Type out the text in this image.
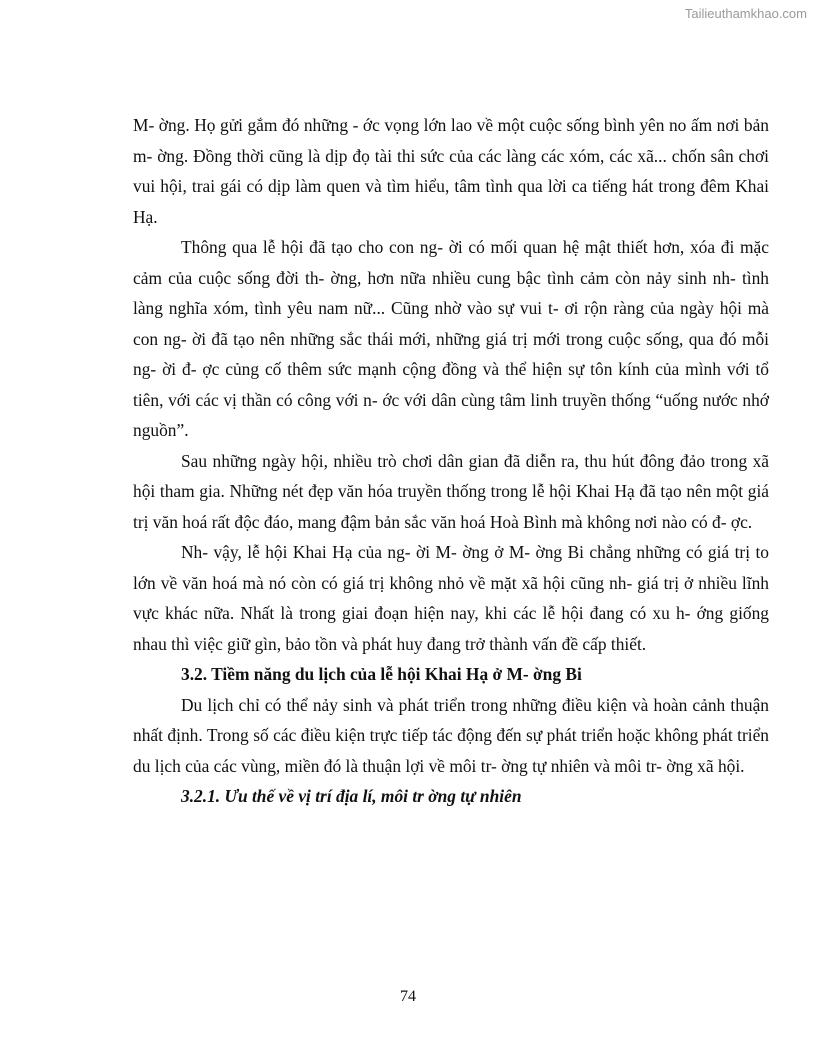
Tailieuthamkhao.com

M- ờng. Họ gửi gắm đó những - ớc vọng lớn lao về một cuộc sống bình yên no ấm nơi bản m- ờng. Đồng thời cũng là dịp đọ tài thi sức của các làng các xóm, các xã... chốn sân chơi vui hội, trai gái có dịp làm quen và tìm hiểu, tâm tình qua lời ca tiếng hát trong đêm Khai Hạ.

Thông qua lễ hội đã tạo cho con ng- ời có mối quan hệ mật thiết hơn, xóa đi mặc cảm của cuộc sống đời th- ờng, hơn nữa nhiều cung bậc tình cảm còn nảy sinh nh- tình làng nghĩa xóm, tình yêu nam nữ... Cũng nhờ vào sự vui t- ơi rộn ràng của ngày hội mà con ng- ời đã tạo nên những sắc thái mới, những giá trị mới trong cuộc sống, qua đó mỗi ng- ời đ- ợc củng cố thêm sức mạnh cộng đồng và thể hiện sự tôn kính của mình với tổ tiên, với các vị thần có công với n- ớc với dân cùng tâm linh truyền thống “uống nước nhớ nguồn”.

Sau những ngày hội, nhiều trò chơi dân gian đã diễn ra, thu hút đông đảo trong xã hội tham gia. Những nét đẹp văn hóa truyền thống trong lễ hội Khai Hạ đã tạo nên một giá trị văn hoá rất độc đáo, mang đậm bản sắc văn hoá Hoà Bình mà không nơi nào có đ- ợc.

Nh- vậy, lễ hội Khai Hạ của ng- ời M- ờng ở M- ờng Bi chẳng những có giá trị to lớn về văn hoá mà nó còn có giá trị không nhỏ về mặt xã hội cũng nh- giá trị ở nhiều lĩnh vực khác nữa. Nhất là trong giai đoạn hiện nay, khi các lễ hội đang có xu h- ớng giống nhau thì việc giữ gìn, bảo tồn và phát huy đang trở thành vấn đề cấp thiết.

3.2. Tiềm năng du lịch của lễ hội Khai Hạ ở M- ờng Bi

Du lịch chỉ có thể nảy sinh và phát triển trong những điều kiện và hoàn cảnh thuận nhất định. Trong số các điều kiện trực tiếp tác động đến sự phát triển hoặc không phát triển du lịch của các vùng, miền đó là thuận lợi về môi tr- ờng tự nhiên và môi tr- ờng xã hội.

3.2.1. Ưu thế về vị trí địa lí, môi tr ờng tự nhiên

74
